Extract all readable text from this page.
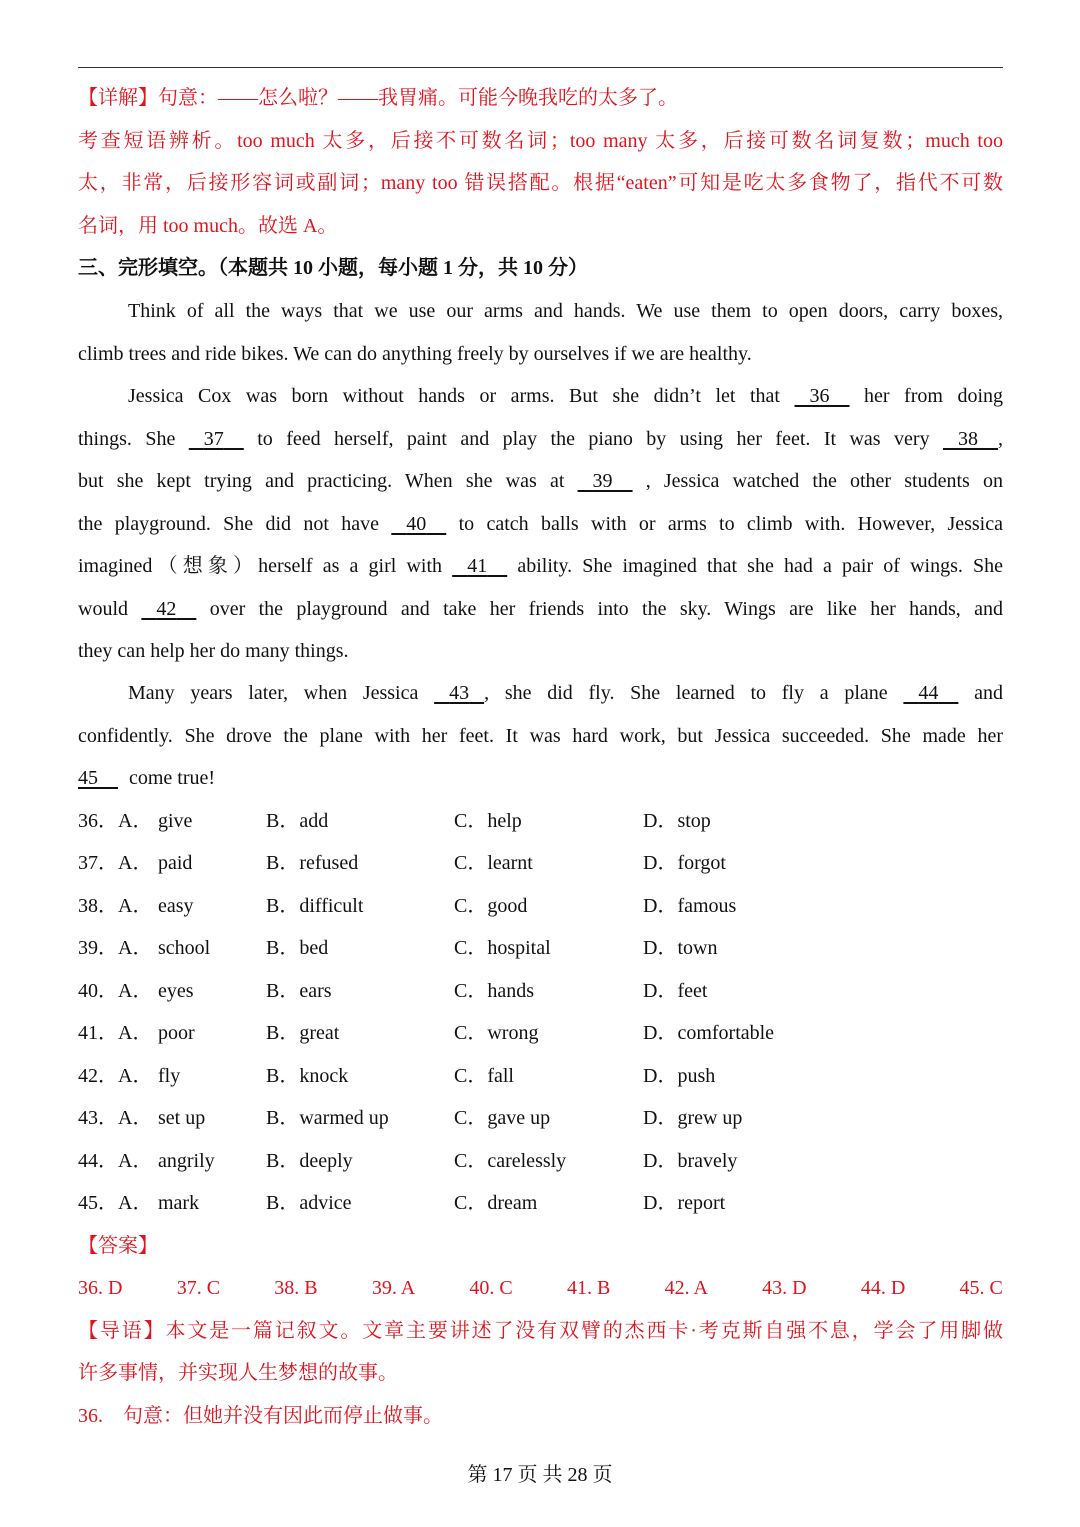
【详解】句意：——怎么啦？——我胃痛。可能今晚我吃的太多了。
考查短语辨析。too much 太多，后接不可数名词；too many 太多，后接可数名词复数；much too
太，非常，后接形容词或副词；many too 错误搭配。根据“eaten”可知是吃太多食物了，指代不可数
名词，用 too much。故选 A。
三、完形填空。（本题共 10 小题，每小题 1 分，共 10 分）
Think of all the ways that we use our arms and hands. We use them to open doors, carry boxes,
climb trees and ride bikes. We can do anything freely by ourselves if we are healthy.
Jessica Cox was born without hands or arms. But she didn’t let that 36 her from doing
things. She 37 to feed herself, paint and play the piano by using her feet. It was very 38 ,
but she kept trying and practicing. When she was at 39 , Jessica watched the other students on
the playground. She did not have 40 to catch balls with or arms to climb with. However, Jessica
imagined（想象）herself as a girl with 41 ability. She imagined that she had a pair of wings. She
would 42 over the playground and take her friends into the sky. Wings are like her hands, and
they can help her do many things.
Many years later, when Jessica 43 , she did fly. She learned to fly a plane 44 and
confidently. She drove the plane with her feet. It was hard work, but Jessica succeeded. She made her
45 come true!
36．A． give	B．add	C．help	D．stop
37．A． paid	B．refused	C．learnt	D．forgot
38．A． easy	B．difficult	C．good	D．famous
39．A． school	B．bed	C．hospital	D．town
40．A． eyes	B．ears	C．hands	D．feet
41．A． poor	B．great	C．wrong	D．comfortable
42．A． fly	B．knock	C．fall	D．push
43．A． set up	B．warmed up	C．gave up	D．grew up
44．A． angrily	B．deeply	C．carelessly	D．bravely
45．A． mark	B．advice	C．dream	D．report
【答案】
36. D	37. C	38. B	39. A	40. C	41. B	42. A	43. D	44. D	45. C
【导语】本文是一篇记叙文。文章主要讲述了没有双臂的杰西卡·考克斯自强不息，学会了用脚做
许多事情，并实现人生梦想的故事。
36.　句意：但她并没有因此而停止做事。
第 17 页 共 28 页
